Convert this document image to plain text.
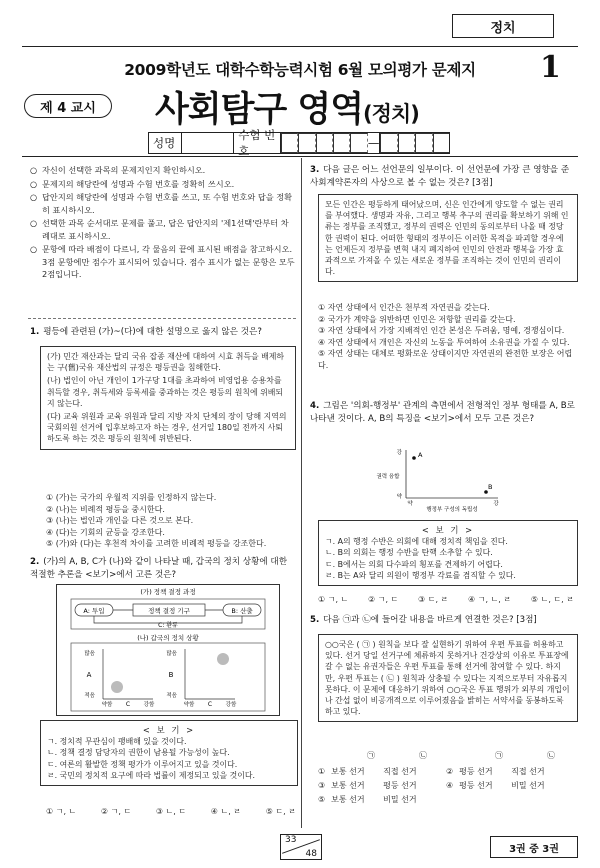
정치
2009학년도 대학수학능력시험 6월 모의평가 문제지	1
제 4 교시 사회탐구 영역(정치)
성명
수험 번호
—
○ 자신이 선택한 과목의 문제지인지 확인하시오.
○ 문제지의 해당란에 성명과 수험 번호를 정확히 쓰시오.
○ 답안지의 해당란에 성명과 수험 번호를 쓰고, 또 수험 번호와 답을 정확히 표시하시오.
○ 선택한 과목 순서대로 문제를 풀고, 답은 답안지의 '제1선택'란부터 차례대로 표시하시오.
○ 문항에 따라 배점이 다르니, 각 물음의 끝에 표시된 배점을 참고하시오. 3점 문항에만 점수가 표시되어 있습니다. 점수 표시가 없는 문항은 모두 2점입니다.
1. 평등에 관련된 (가)~(다)에 대한 설명으로 옳지 않은 것은?
(가) 민간 재산과는 달리 국유 잡종 재산에 대하여 시효 취득을 배제하는 구(舊)국유 재산법의 규정은 평등권을 침해한다.
(나) 법인이 아닌 개인이 1가구당 1대를 초과하여 비영업용 승용차를 취득할 경우, 취득세와 등록세를 중과하는 것은 평등의 원칙에 위배되지 않는다.
(다) 교육 위원과 교육 위원과 달리 지방 자치 단체의 장이 당해 지역의 국회의원 선거에 입후보하고자 하는 경우, 선거일 180일 전까지 사퇴하도록 하는 것은 평등의 원칙에 위반된다.
① (가)는 국가의 우월적 지위를 인정하지 않는다.
② (나)는 비례적 평등을 중시한다.
③ (나)는 법인과 개인을 다른 것으로 본다.
④ (다)는 기회의 균등을 강조한다.
⑤ (가)와 (다)는 후천적 차이를 고려한 비례적 평등을 강조한다.
2. (가)의 A, B, C가 (나)와 같이 나타날 때, 갑국의 정치 상황에 대한 적절한 추론을 <보기>에서 고른 것은?
(가) 정책 결정 과정
A: 투입	정책 결정 기구	B: 산출
C: 환류
(나) 갑국의 정치 상황
많음
적음
A
많음
적음
B
약함	강함
C	약함	강함
C
< 보 기 >
ㄱ. 정치적 무관심이 팽배해 있을 것이다.
ㄴ. 정책 결정 담당자의 권한이 남용될 가능성이 높다.
ㄷ. 여론의 활발한 정책 평가가 이루어지고 있을 것이다.
ㄹ. 국민의 정치적 요구에 따라 법률이 제정되고 있을 것이다.
① ㄱ, ㄴ	② ㄱ, ㄷ	③ ㄴ, ㄷ	④ ㄴ, ㄹ	⑤ ㄷ, ㄹ
3. 다음 글은 어느 선언문의 일부이다. 이 선언문에 가장 큰 영향을 준 사회계약론자의 사상으로 볼 수 없는 것은? [3점]
모든 인간은 평등하게 태어났으며, 신은 인간에게 양도할 수 없는 권리를 부여했다. 생명과 자유, 그리고 행복 추구의 권리를 확보하기 위해 인류는 정부를 조직했고, 정부의 권력은 인민의 동의로부터 나올 때 정당한 권력이 된다. 어떠한 형태의 정부이든 이러한 목적을 파괴할 경우에는 언제든지 정부를 변혁 내지 폐지하여 인민의 안전과 행복을 가장 효과적으로 가져올 수 있는 새로운 정부를 조직하는 것이 인민의 권리이다.
① 자연 상태에서 인간은 천부적 자연권을 갖는다.
② 국가가 계약을 위반하면 인민은 저항할 권리를 갖는다.
③ 자연 상태에서 가장 지배적인 인간 본성은 두려움, 명예, 경쟁심이다.
④ 자연 상태에서 개인은 자신의 노동을 투여하여 소유권을 가질 수 있다.
⑤ 자연 상태는 대체로 평화로운 상태이지만 자연권의 완전한 보장은 어렵다.
4. 그림은 '의회-행정부' 관계의 측면에서 전형적인 정부 형태를 A, B로 나타낸 것이다. A, B의 특징을 <보기>에서 모두 고른 것은?
강
약
권력 융합
약	강
행정부 구성의 독립성
A
B
< 보 기 >
ㄱ. A의 행정 수반은 의회에 대해 정치적 책임을 진다.
ㄴ. B의 의회는 행정 수반을 탄핵 소추할 수 있다.
ㄷ. B에서는 의회 다수파의 횡포를 견제하기 어렵다.
ㄹ. B는 A와 달리 의원이 행정부 각료를 겸직할 수 있다.
① ㄱ, ㄴ ② ㄱ, ㄷ ③ ㄷ, ㄹ ④ ㄱ, ㄴ, ㄹ ⑤ ㄴ, ㄷ, ㄹ
5. 다음 ㉠과 ㉡에 들어갈 내용을 바르게 연결한 것은? [3점]
○○국은 ( ㉠ ) 원칙을 보다 잘 실현하기 위하여 우편 투표를 허용하고 있다. 선거 당일 선거구에 체류하지 못하거나 건강상의 이유로 투표장에 갈 수 없는 유권자들은 우편 투표를 통해 선거에 참여할 수 있다. 하지만, 우편 투표는 ( ㉡ ) 원칙과 상충될 수 있다는 지적으로부터 자유롭지 못하다. 이 문제에 대응하기 위하여 ○○국은 투표 행위가 외부의 개입이나 간섭 없이 비공개적으로 이루어졌음을 밝히는 서약서를 동봉하도록 하고 있다.
㉠	㉡	㉠	㉡
① 보통 선거	직접 선거	② 평등 선거	직접 선거
③ 보통 선거	평등 선거	④ 평등 선거	비밀 선거
⑤ 보통 선거	비밀 선거
33
48	3권 중 3권
